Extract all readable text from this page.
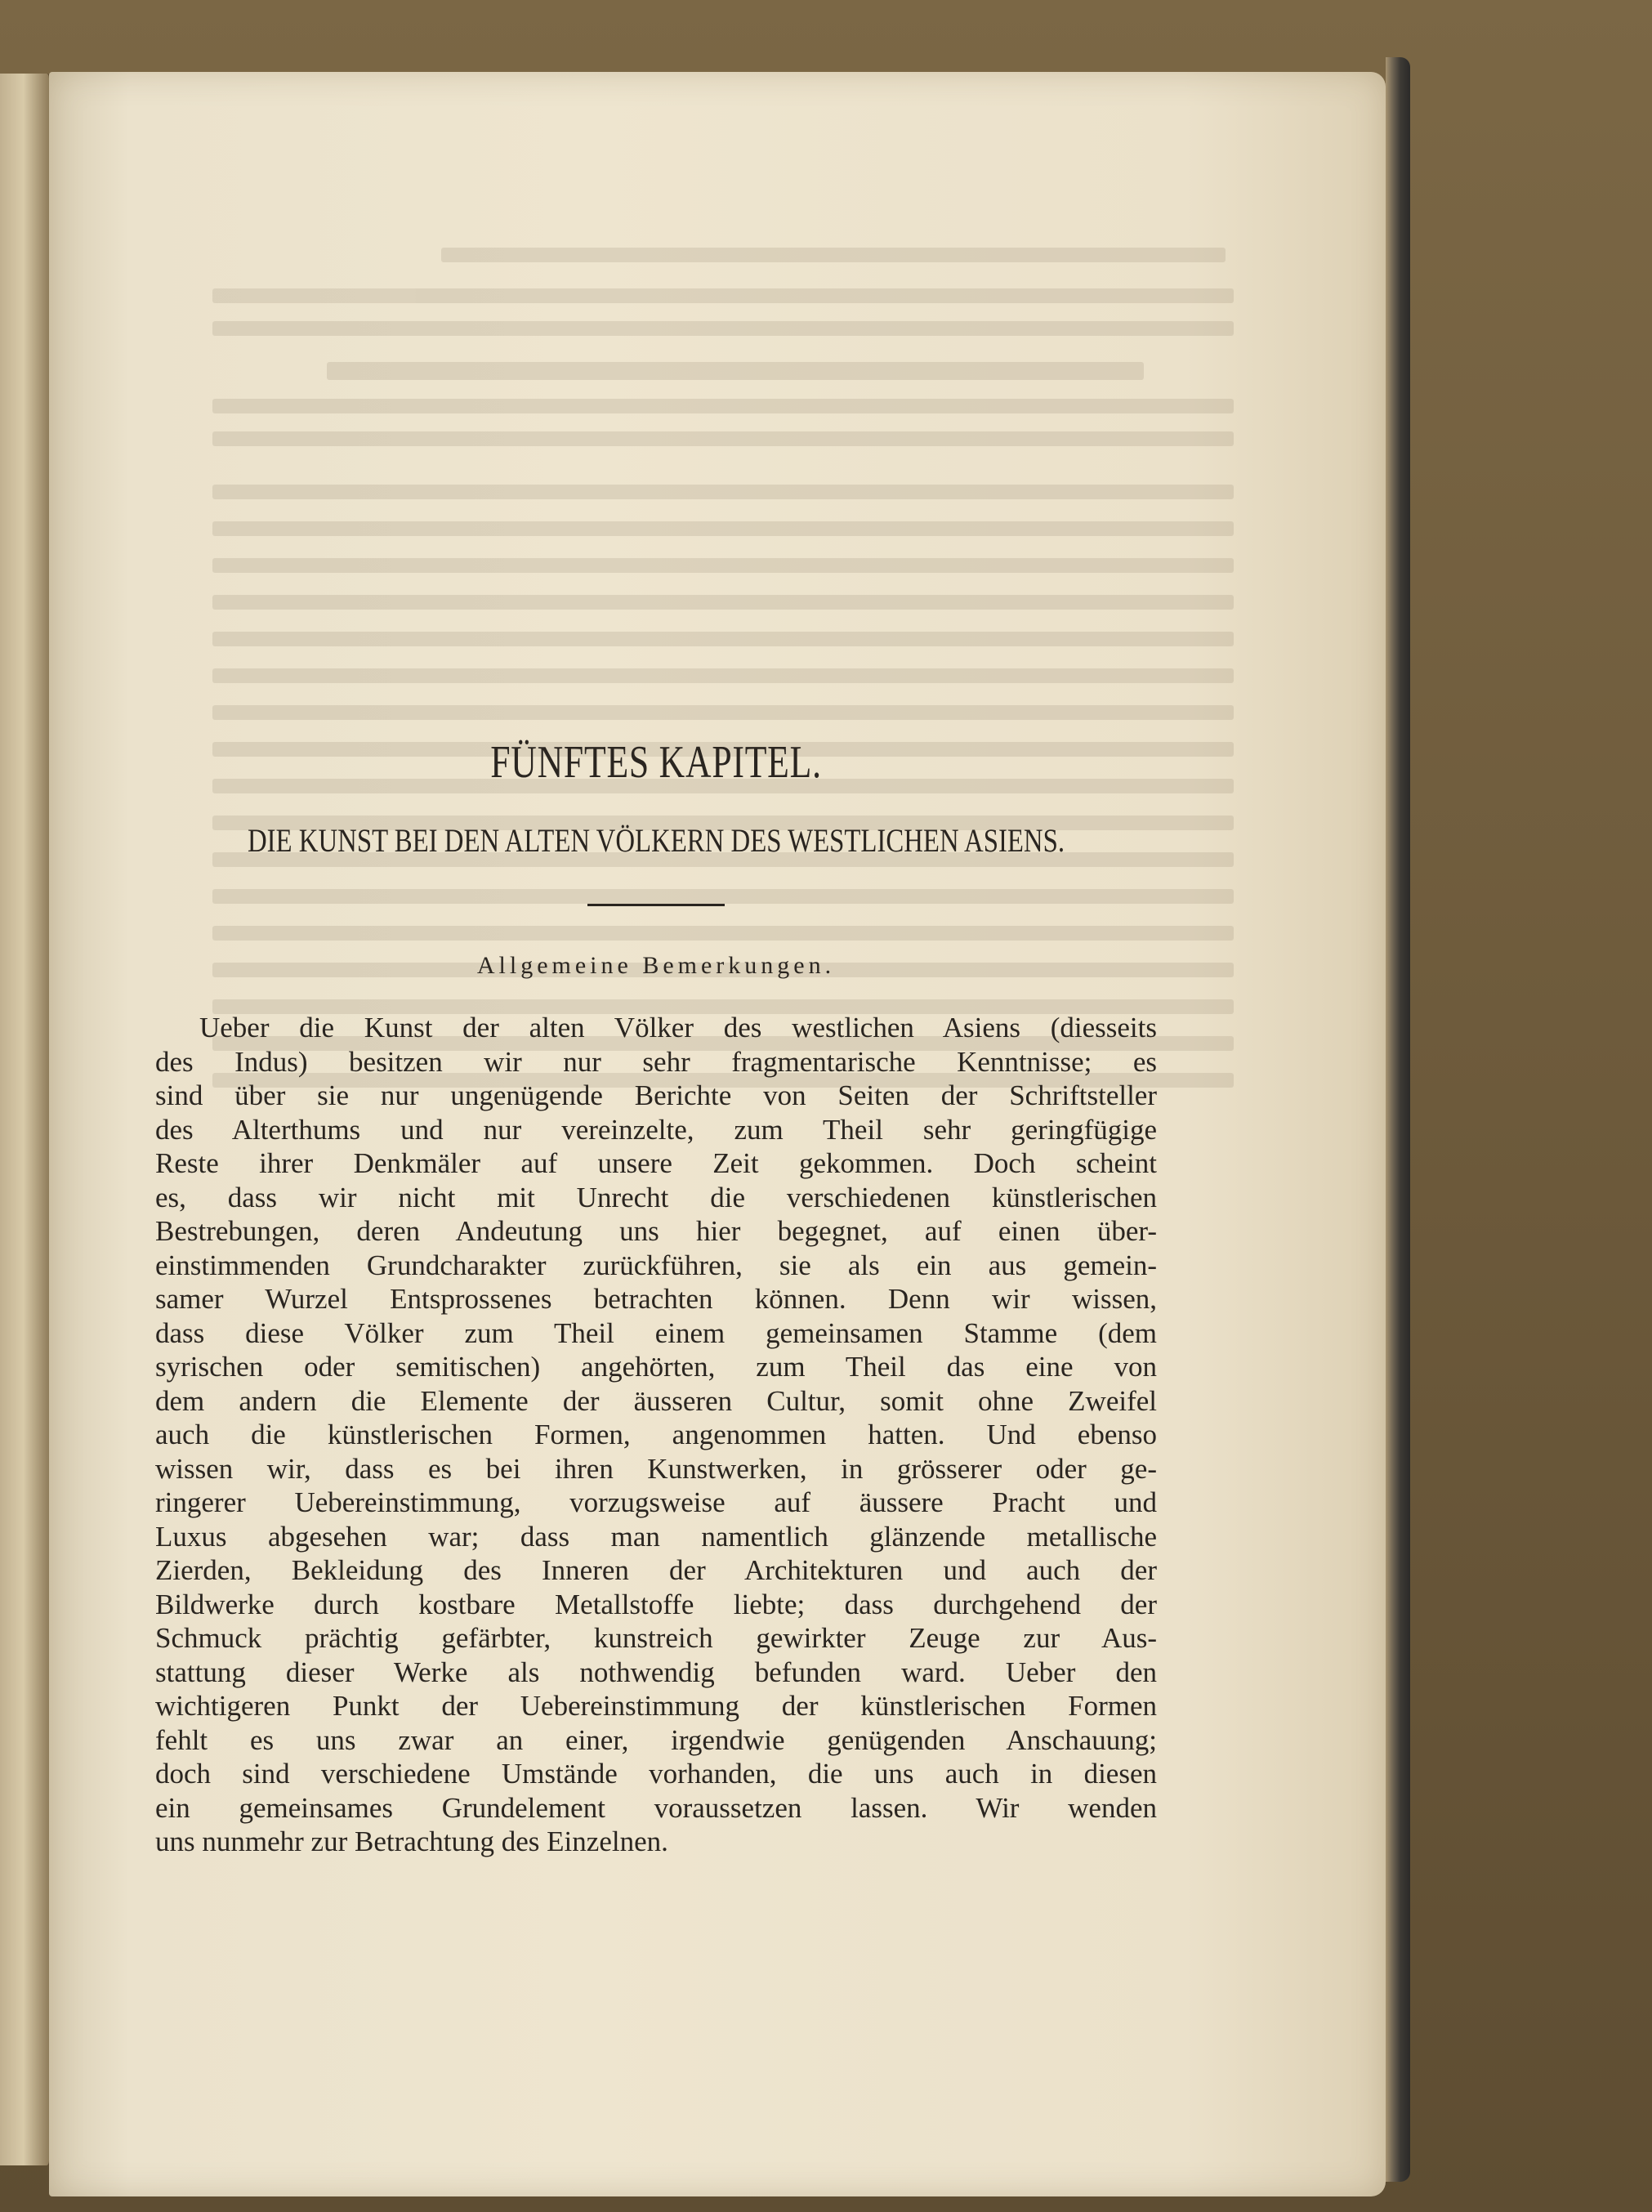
FÜNFTES KAPITEL.
DIE KUNST BEI DEN ALTEN VÖLKERN DES WESTLICHEN ASIENS.
Allgemeine Bemerkungen.
Ueber die Kunst der alten Völker des westlichen Asiens (diesseits
des Indus) besitzen wir nur sehr fragmentarische Kenntnisse; es
sind über sie nur ungenügende Berichte von Seiten der Schriftsteller
des Alterthums und nur vereinzelte, zum Theil sehr geringfügige
Reste ihrer Denkmäler auf unsere Zeit gekommen. Doch scheint
es, dass wir nicht mit Unrecht die verschiedenen künstlerischen
Bestrebungen, deren Andeutung uns hier begegnet, auf einen über-
einstimmenden Grundcharakter zurückführen, sie als ein aus gemein-
samer Wurzel Entsprossenes betrachten können. Denn wir wissen,
dass diese Völker zum Theil einem gemeinsamen Stamme (dem
syrischen oder semitischen) angehörten, zum Theil das eine von
dem andern die Elemente der äusseren Cultur, somit ohne Zweifel
auch die künstlerischen Formen, angenommen hatten. Und ebenso
wissen wir, dass es bei ihren Kunstwerken, in grösserer oder ge-
ringerer Uebereinstimmung, vorzugsweise auf äussere Pracht und
Luxus abgesehen war; dass man namentlich glänzende metallische
Zierden, Bekleidung des Inneren der Architekturen und auch der
Bildwerke durch kostbare Metallstoffe liebte; dass durchgehend der
Schmuck prächtig gefärbter, kunstreich gewirkter Zeuge zur Aus-
stattung dieser Werke als nothwendig befunden ward. Ueber den
wichtigeren Punkt der Uebereinstimmung der künstlerischen Formen
fehlt es uns zwar an einer, irgendwie genügenden Anschauung;
doch sind verschiedene Umstände vorhanden, die uns auch in diesen
ein gemeinsames Grundelement voraussetzen lassen. Wir wenden
uns nunmehr zur Betrachtung des Einzelnen.
